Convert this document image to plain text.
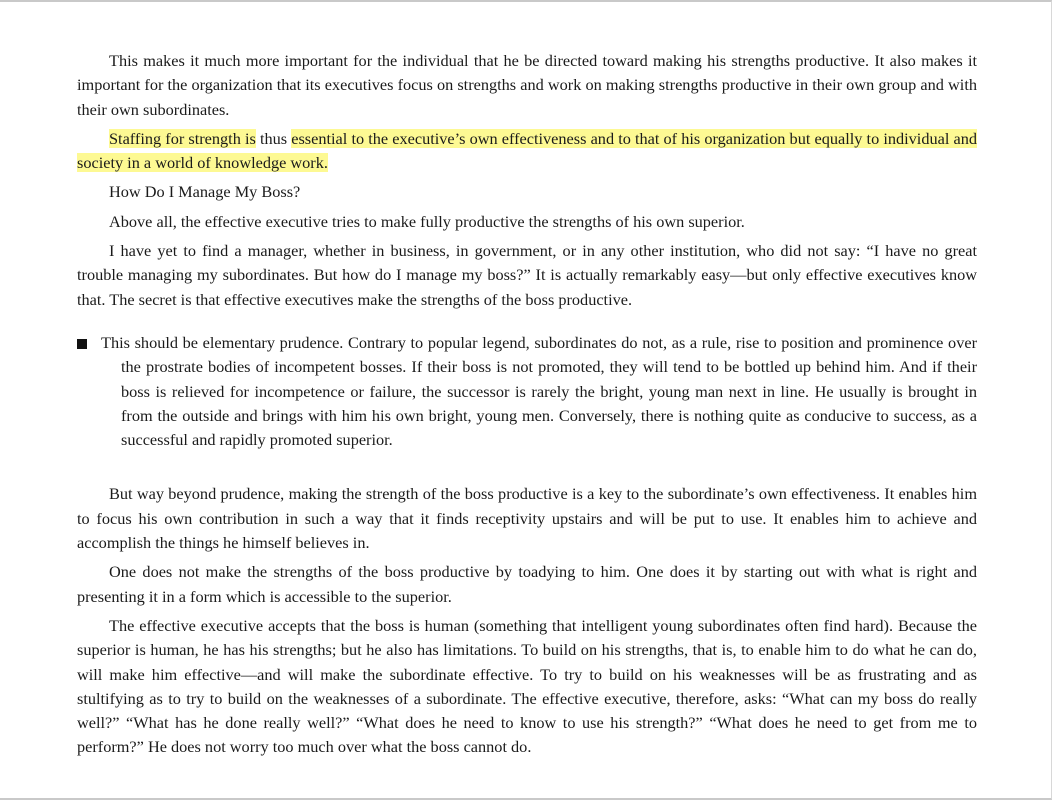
This makes it much more important for the individual that he be directed toward making his strengths productive. It also makes it important for the organization that its executives focus on strengths and work on making strengths productive in their own group and with their own subordinates.

Staffing for strength is thus essential to the executive’s own effectiveness and to that of his organization but equally to individual and society in a world of knowledge work.

How Do I Manage My Boss?

Above all, the effective executive tries to make fully productive the strengths of his own superior.

I have yet to find a manager, whether in business, in government, or in any other institution, who did not say: “I have no great trouble managing my subordinates. But how do I manage my boss?” It is actually remarkably easy—but only effective executives know that. The secret is that effective executives make the strengths of the boss productive.

This should be elementary prudence. Contrary to popular legend, subordinates do not, as a rule, rise to position and prominence over the prostrate bodies of incompetent bosses. If their boss is not promoted, they will tend to be bottled up behind him. And if their boss is relieved for incompetence or failure, the successor is rarely the bright, young man next in line. He usually is brought in from the outside and brings with him his own bright, young men. Conversely, there is nothing quite as conducive to success, as a successful and rapidly promoted superior.

But way beyond prudence, making the strength of the boss productive is a key to the subordinate’s own effectiveness. It enables him to focus his own contribution in such a way that it finds receptivity upstairs and will be put to use. It enables him to achieve and accomplish the things he himself believes in.

One does not make the strengths of the boss productive by toadying to him. One does it by starting out with what is right and presenting it in a form which is accessible to the superior.

The effective executive accepts that the boss is human (something that intelligent young subordinates often find hard). Because the superior is human, he has his strengths; but he also has limitations. To build on his strengths, that is, to enable him to do what he can do, will make him effective—and will make the subordinate effective. To try to build on his weaknesses will be as frustrating and as stultifying as to try to build on the weaknesses of a subordinate. The effective executive, therefore, asks: “What can my boss do really well?” “What has he done really well?” “What does he need to know to use his strength?” “What does he need to get from me to perform?” He does not worry too much over what the boss cannot do.
